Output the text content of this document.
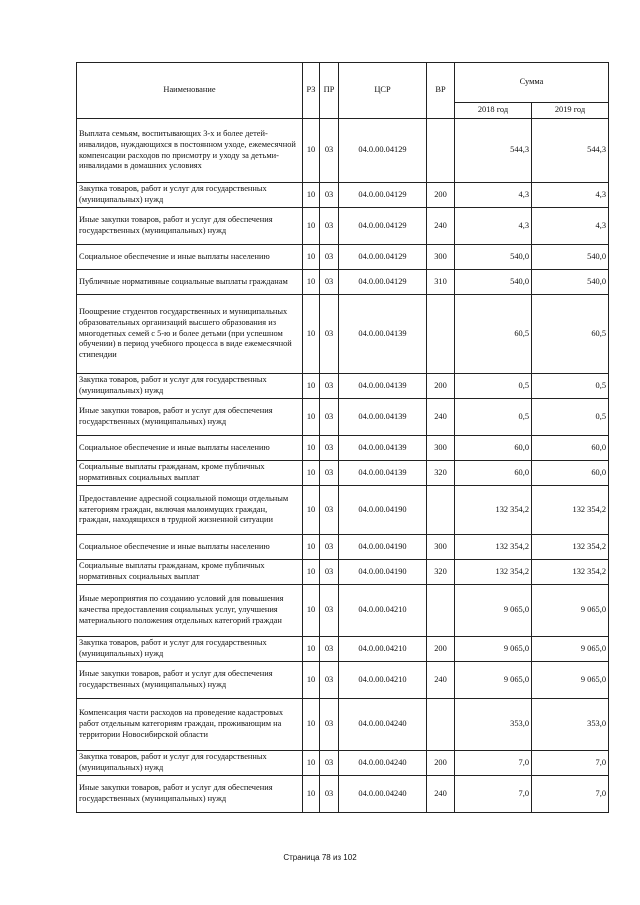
Наименование	РЗ	ПР	ЦСР	ВР	Сумма	
					2018 год	2019 год
Выплата семьям, воспитывающих 3-х и более детей-инвалидов, нуждающихся в постоянном уходе, ежемесячной компенсации расходов по присмотру и уходу за детьми-инвалидами в домашних условиях	10	03	04.0.00.04129		544,3	544,3
Закупка товаров, работ и услуг для государственных (муниципальных) нужд	10	03	04.0.00.04129	200	4,3	4,3
Иные закупки товаров, работ и услуг для обеспечения государственных (муниципальных) нужд	10	03	04.0.00.04129	240	4,3	4,3
Социальное обеспечение и иные выплаты населению	10	03	04.0.00.04129	300	540,0	540,0
Публичные нормативные социальные выплаты гражданам	10	03	04.0.00.04129	310	540,0	540,0
Поощрение студентов государственных и муниципальных образовательных организаций высшего образования из многодетных семей с 5-ю и более детьми (при успешном обучении) в период учебного процесса в виде ежемесячной стипендии	10	03	04.0.00.04139		60,5	60,5
Закупка товаров, работ и услуг для государственных (муниципальных) нужд	10	03	04.0.00.04139	200	0,5	0,5
Иные закупки товаров, работ и услуг для обеспечения государственных (муниципальных) нужд	10	03	04.0.00.04139	240	0,5	0,5
Социальное обеспечение и иные выплаты населению	10	03	04.0.00.04139	300	60,0	60,0
Социальные выплаты гражданам, кроме публичных нормативных социальных выплат	10	03	04.0.00.04139	320	60,0	60,0
Предоставление адресной социальной помощи отдельным категориям граждан, включая малоимущих граждан, граждан, находящихся в трудной жизненной ситуации	10	03	04.0.00.04190		132 354,2	132 354,2
Социальное обеспечение и иные выплаты населению	10	03	04.0.00.04190	300	132 354,2	132 354,2
Социальные выплаты гражданам, кроме публичных нормативных социальных выплат	10	03	04.0.00.04190	320	132 354,2	132 354,2
Иные мероприятия по созданию условий для повышения качества предоставления социальных услуг, улучшения материального положения отдельных категорий граждан	10	03	04.0.00.04210		9 065,0	9 065,0
Закупка товаров, работ и услуг для государственных (муниципальных) нужд	10	03	04.0.00.04210	200	9 065,0	9 065,0
Иные закупки товаров, работ и услуг для обеспечения государственных (муниципальных) нужд	10	03	04.0.00.04210	240	9 065,0	9 065,0
Компенсация части расходов на проведение кадастровых работ отдельным категориям граждан, проживающим на территории Новосибирской области	10	03	04.0.00.04240		353,0	353,0
Закупка товаров, работ и услуг для государственных (муниципальных) нужд	10	03	04.0.00.04240	200	7,0	7,0
Иные закупки товаров, работ и услуг для обеспечения государственных (муниципальных) нужд	10	03	04.0.00.04240	240	7,0	7,0
Страница 78 из 102
